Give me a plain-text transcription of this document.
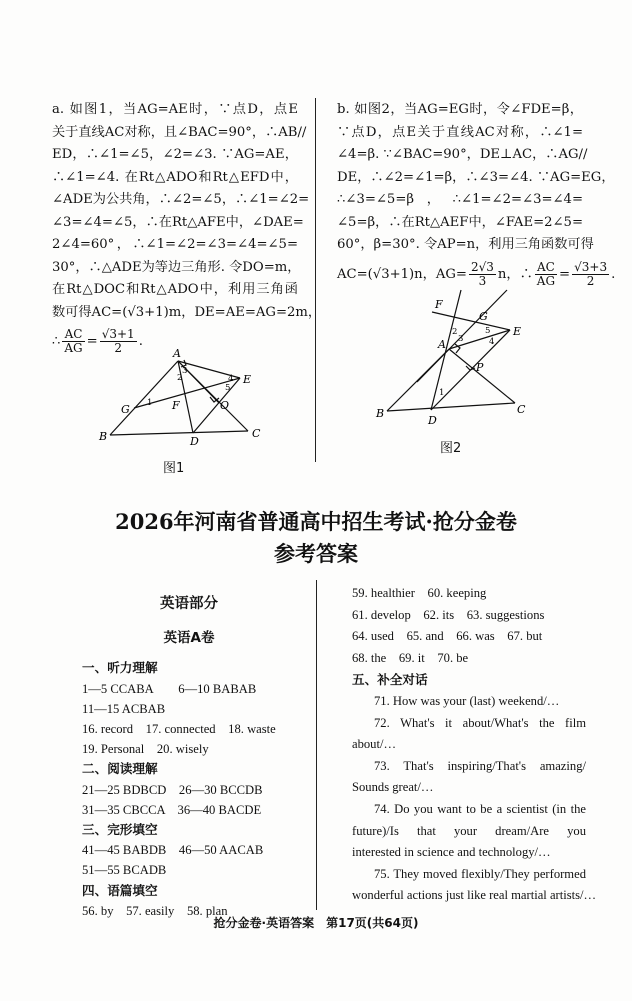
a. 如图1，当AG=AE时，∵点D，点E
关于直线AC对称，且∠BAC=90°，∴AB//
ED，∴∠1=∠5，∠2=∠3. ∵AG=AE，
∴∠1=∠4. 在Rt△ADO和Rt△EFD中，
∠ADE为公共角，∴∠2=∠5，∴∠1=∠2=
∠3=∠4=∠5，∴在Rt△AFE中，∠DAE=
2∠4=60°，∴∠1=∠2=∠3=∠4=∠5=
30°，∴△ADE为等边三角形. 令DO=m，
在Rt△DOC和Rt△ADO中，利用三角函
数可得AC=(√3+1)m，DE=AE=AG=2m，
∴ $\frac{AC}{AG} = \frac{√3+1}{2}$ .
b. 如图2，当AG=EG时，令∠FDE=β，
∵点D，点E关于直线AC对称，∴∠1=
∠4=β. ∵∠BAC=90°，DE⊥AC，∴AG//
DE，∴∠2=∠1=β，∴∠3=∠4. ∵AG=EG，
∴∠3=∠5=β，∴∠1=∠2=∠3=∠4=
∠5=β，∴在Rt△AEF中，∠FAE=2∠5=
60°，β=30°. 令AP=n，利用三角函数可得
AC=(√3+1)n，$AG= \frac{2√3}{3}$ n，∴ $\frac{AC}{AG} = \frac{√3+3}{2}$ .
A
B	C
D
E
F
G	O
1
2
3
4
5
图1
A
B	C
D
E
F
G
P
1
2
3	4
5
图2
2026年河南省普通高中招生考试·抢分金卷
参考答案
英语部分
英语A卷
一、听力理解
1—5 CCABA　　6—10 BABAB
11—15 ACBAB
16. record　17. connected　18. waste
19. Personal　20. wisely
二、阅读理解
21—25 BDBCD　26—30 BCCDB
31—35 CBCCA　36—40 BACDE
三、完形填空
41—45 BABDB　46—50 AACAB
51—55 BCADB
四、语篇填空
56. by　57. easily　58. plan
59. healthier　60. keeping
61. develop　62. its　63. suggestions
64. used　65. and　66. was　67. but
68. the　69. it　70. be
五、补全对话
71. How was your (last) weekend/…
72. What's it about/What's the film
about/…
73. That's inspiring/That's amazing/
Sounds great/…
74. Do you want to be a scientist (in the
future)/Is that your dream/Are you
interested in science and technology/…
75. They moved flexibly/They performed
wonderful actions just like real martial artists/…
抢分金卷·英语答案　第17页(共64页)
